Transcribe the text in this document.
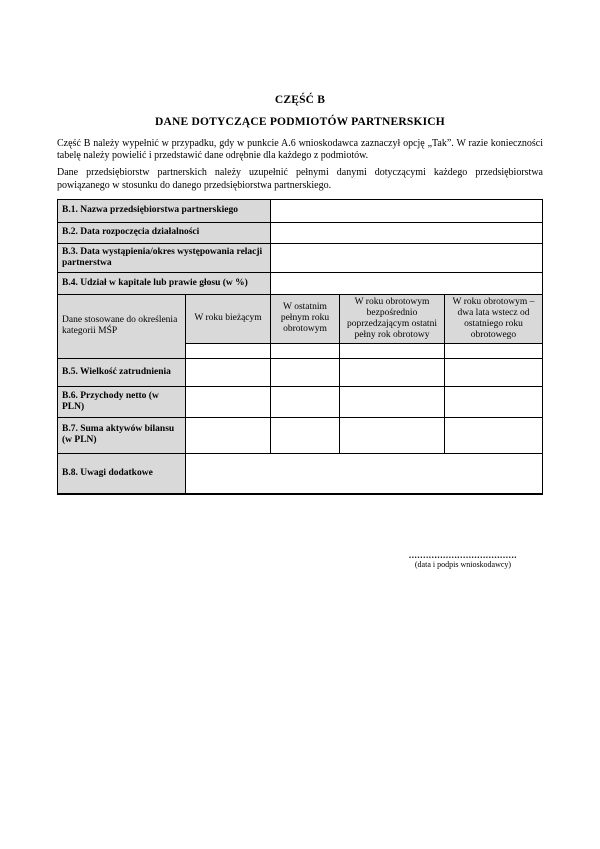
CZĘŚĆ B
DANE DOTYCZĄCE PODMIOTÓW PARTNERSKICH

Część B należy wypełnić w przypadku, gdy w punkcie A.6 wnioskodawca zaznaczył opcję „Tak”. W razie konieczności tabelę należy powielić i przedstawić dane odrębnie dla każdego z podmiotów.

Dane przedsiębiorstw partnerskich należy uzupełnić pełnymi danymi dotyczącymi każdego przedsiębiorstwa powiązanego w stosunku do danego przedsiębiorstwa partnerskiego.

B.1. Nazwa przedsiębiorstwa partnerskiego				
B.2. Data rozpoczęcia działalności				
B.3. Data wystąpienia/okres występowania relacji partnerstwa				
B.4. Udział w kapitale lub prawie głosu (w %)				
Dane stosowane do określenia kategorii MŚP	W roku bieżącym	W ostatnim pełnym roku obrotowym	W roku obrotowym bezpośrednio poprzedzającym ostatni pełny rok obrotowy	W roku obrotowym – dwa lata wstecz od ostatniego roku obrotowego

B.5. Wielkość zatrudnienia				
B.6. Przychody netto (w PLN)				
B.7. Suma aktywów bilansu (w PLN)				
B.8. Uwagi dodatkowe				
......................................
(data i podpis wnioskodawcy)
